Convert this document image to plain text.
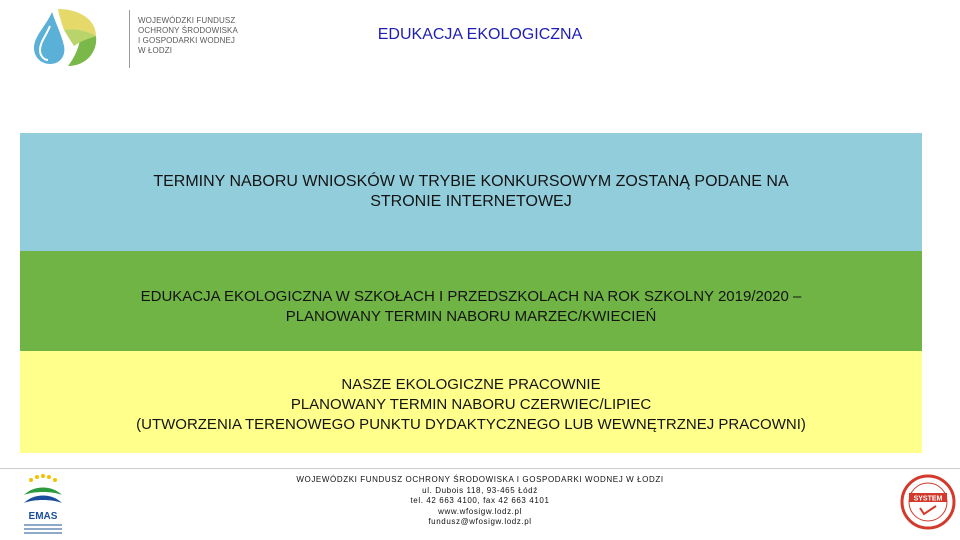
WOJEWÓDZKI FUNDUSZ
OCHRONY ŚRODOWISKA
I GOSPODARKI WODNEJ
W ŁODZI
EDUKACJA EKOLOGICZNA
TERMINY NABORU WNIOSKÓW W TRYBIE KONKURSOWYM ZOSTANĄ PODANE NA
STRONIE INTERNETOWEJ
EDUKACJA EKOLOGICZNA W SZKOŁACH I PRZEDSZKOLACH NA ROK SZKOLNY 2019/2020 –
PLANOWANY TERMIN NABORU MARZEC/KWIECIEŃ
NASZE EKOLOGICZNE PRACOWNIE
PLANOWANY TERMIN NABORU CZERWIEC/LIPIEC
(UTWORZENIA TERENOWEGO PUNKTU DYDAKTYCZNEGO LUB WEWNĘTRZNEJ PRACOWNI)
EMAS
WOJEWÓDZKI FUNDUSZ OCHRONY ŚRODOWISKA I GOSPODARKI WODNEJ W ŁODZI
ul. Dubois 118, 93-465 Łódź
tel. 42 663 4100, fax 42 663 4101
www.wfosigw.lodz.pl
fundusz@wfosigw.lodz.pl
SYSTEM
